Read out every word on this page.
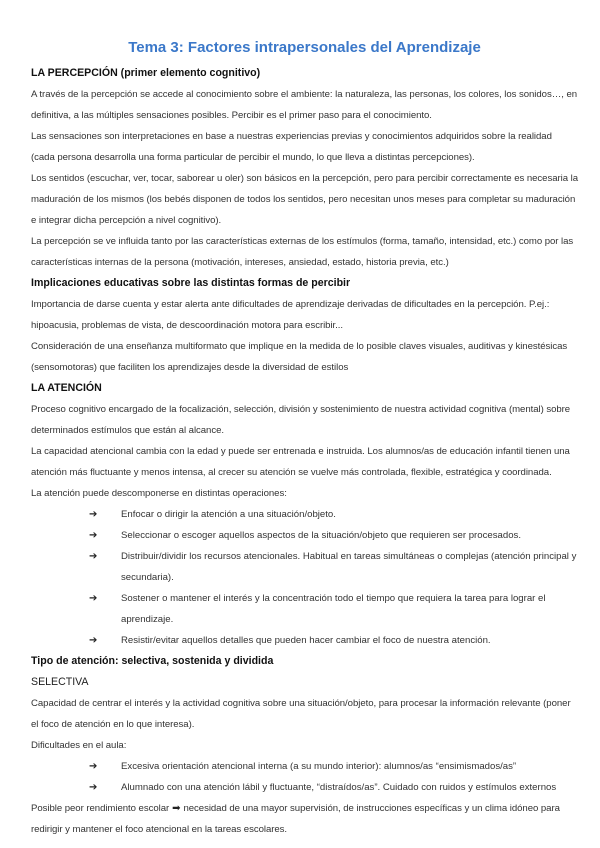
Tema 3: Factores intrapersonales del Aprendizaje
LA PERCEPCIÓN (primer elemento cognitivo)
A través de la percepción se accede al conocimiento sobre el ambiente: la naturaleza, las personas, los colores, los sonidos…, en definitiva, a las múltiples sensaciones posibles. Percibir es el primer paso para el conocimiento.
Las sensaciones son interpretaciones en base a nuestras experiencias previas y conocimientos adquiridos sobre la realidad (cada persona desarrolla una forma particular de percibir el mundo, lo que lleva a distintas percepciones).
Los sentidos (escuchar, ver, tocar, saborear u oler) son básicos en la percepción, pero para percibir correctamente es necesaria la maduración de los mismos (los bebés disponen de todos los sentidos, pero necesitan unos meses para completar su maduración e integrar dicha percepción a nivel cognitivo).
La percepción se ve influida tanto por las características externas de los estímulos (forma, tamaño, intensidad, etc.) como por las características internas de la persona (motivación, intereses, ansiedad, estado, historia previa, etc.)
Implicaciones educativas sobre las distintas formas de percibir
Importancia de darse cuenta y estar alerta ante dificultades de aprendizaje derivadas de dificultades en la percepción. P.ej.: hipoacusia, problemas de vista, de descoordinación motora para escribir...
Consideración de una enseñanza multiformato que implique en la medida de lo posible claves visuales, auditivas y kinestésicas (sensomotoras) que faciliten los aprendizajes desde la diversidad de estilos
LA ATENCIÓN
Proceso cognitivo encargado de la focalización, selección, división y sostenimiento de nuestra actividad cognitiva (mental) sobre determinados estímulos que están al alcance.
La capacidad atencional cambia con la edad y puede ser entrenada e instruida. Los alumnos/as de educación infantil tienen una atención más fluctuante y menos intensa, al crecer su atención se vuelve más controlada, flexible, estratégica y coordinada.
La atención puede descomponerse en distintas operaciones:
➔ Enfocar o dirigir la atención a una situación/objeto.
➔ Seleccionar o escoger aquellos aspectos de la situación/objeto que requieren ser procesados.
➔ Distribuir/dividir los recursos atencionales. Habitual en tareas simultáneas o complejas (atención principal y secundaria).
➔ Sostener o mantener el interés y la concentración todo el tiempo que requiera la tarea para lograr el aprendizaje.
➔ Resistir/evitar aquellos detalles que pueden hacer cambiar el foco de nuestra atención.
Tipo de atención: selectiva, sostenida y dividida
SELECTIVA
Capacidad de centrar el interés y la actividad cognitiva sobre una situación/objeto, para procesar la información relevante (poner el foco de atención en lo que interesa).
Dificultades en el aula:
➔ Excesiva orientación atencional interna (a su mundo interior): alumnos/as “ensimismados/as”
➔ Alumnado con una atención lábil y fluctuante, “distraídos/as”. Cuidado con ruidos y estímulos externos
Posible peor rendimiento escolar ➡ necesidad de una mayor supervisión, de instrucciones específicas y un clima idóneo para redirigir y mantener el foco atencional en la tareas escolares.
